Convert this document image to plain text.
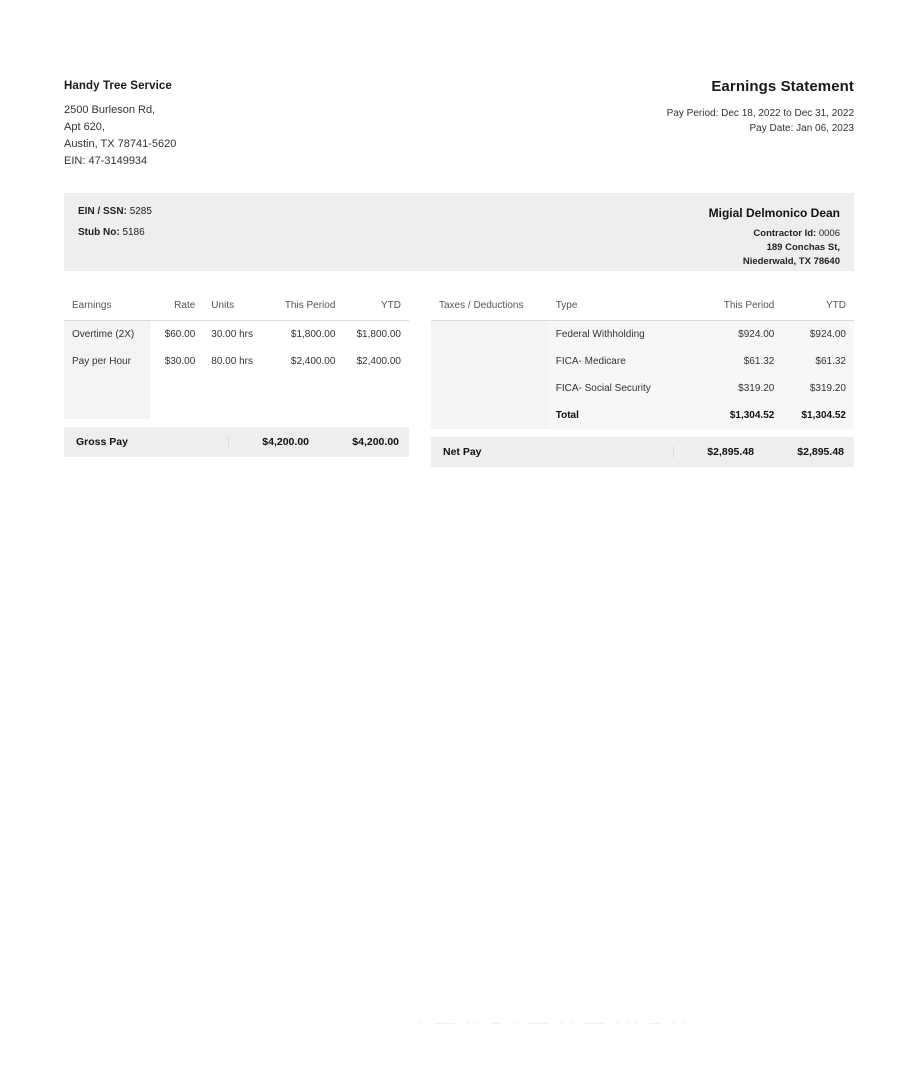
Handy Tree Service
2500 Burleson Rd,
Apt 620,
Austin, TX 78741-5620
EIN: 47-3149934
Earnings Statement
Pay Period: Dec 18, 2022 to Dec 31, 2022
Pay Date: Jan 06, 2023
EIN / SSN: 5285
Stub No: 5186
Migial Delmonico Dean
Contractor Id: 0006
189 Conchas St,
Niederwald, TX 78640
Earnings	Rate	Units	This Period	YTD
Overtime (2X)	$60.00	30.00 hrs	$1,800.00	$1,800.00
Pay per Hour	$30.00	80.00 hrs	$2,400.00	$2,400.00

Gross Pay	$4,200.00	$4,200.00
Taxes / Deductions	Type	This Period	YTD
	Federal Withholding	$924.00	$924.00
	FICA- Medicare	$61.32	$61.32
	FICA- Social Security	$319.20	$319.20
	Total	$1,304.52	$1,304.52
Net Pay	$2,895.48	$2,895.48
· — ·· – · — ·· — ··· – ··
